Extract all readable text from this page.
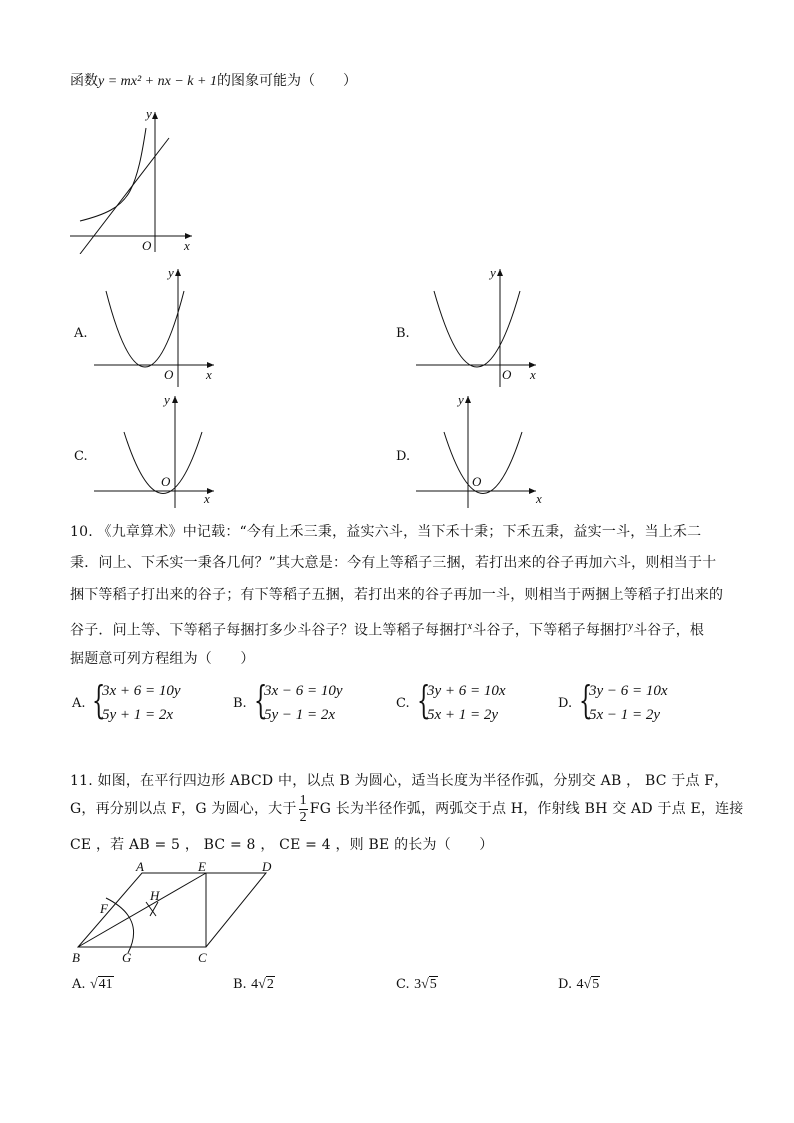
函数y = mx² + nx − k + 1的图象可能为（　　）
x
y
O
A.
x
y
O
B.
x
y
O
C.
x
y
O
D.
x
y
O
10. 《九章算术》中记载：“今有上禾三秉，益实六斗，当下禾十秉；下禾五秉，益实一斗，当上禾二
秉．问上、下禾实一秉各几何？”其大意是：今有上等稻子三捆，若打出来的谷子再加六斗，则相当于十
捆下等稻子打出来的谷子；有下等稻子五捆，若打出来的谷子再加一斗，则相当于两捆上等稻子打出来的
谷子．问上等、下等稻子每捆打多少斗谷子？设上等稻子每捆打$^x$斗谷子，下等稻子每捆打$^y$斗谷子，根
据题意可列方程组为（　　）
A. {
3x + 6 = 10y
5y + 1 = 2x
B. {
3x − 6 = 10y
5y − 1 = 2x
C. {
3y + 6 = 10x
5x + 1 = 2y
D. {
3y − 6 = 10x
5x − 1 = 2y
11. 如图，在平行四边形 ABCD 中，以点 B 为圆心，适当长度为半径作弧，分别交 AB ， BC 于点 F，
G，再分别以点 F，G 为圆心，大于 $\frac{1}{2}$ FG 长为半径作弧，两弧交于点 H，作射线 BH 交 AD 于点 E，连接
CE ，若 AB = 5 ， BC = 8 ， CE = 4 ，则 BE 的长为（　　）
A	E	D
B	G	C
F
H
A. √41	B. 4√2	C. 3√5	D. 4√5
